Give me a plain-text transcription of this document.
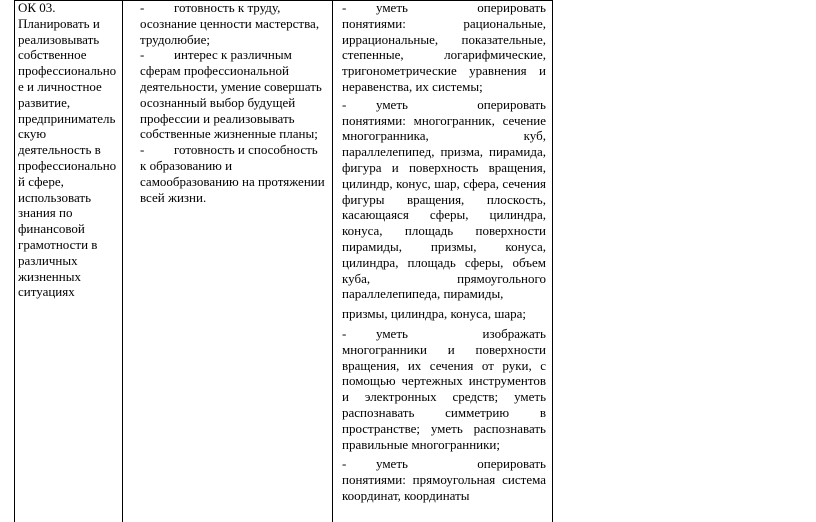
ОК 03.
Планировать и реализовывать собственное профессионально е и личностное развитие, предприниматель скую деятельность в профессионально й сфере, использовать знания по финансовой грамотности в различных жизненных ситуациях
- готовность к труду, осознание ценности мастерства, трудолюбие;
- интерес к различным сферам профессиональной деятельности, умение совершать осознанный выбор будущей профессии и реализовывать собственные жизненные планы;
- готовность и способность к образованию и самообразованию на протяжении всей жизни.
- уметь оперировать понятиями: рациональные, иррациональные, показательные, степенные, логарифмические, тригонометрические уравнения и неравенства, их системы;
- уметь оперировать понятиями: многогранник, сечение многогранника, куб, параллелепипед, призма, пирамида, фигура и поверхность вращения, цилиндр, конус, шар, сфера, сечения фигуры вращения, плоскость, касающаяся сферы, цилиндра, конуса, площадь поверхности пирамиды, призмы, конуса, цилиндра, площадь сферы, объем куба, прямоугольного параллелепипеда, пирамиды,
призмы, цилиндра, конуса, шара;
- уметь изображать многогранники и поверхности вращения, их сечения от руки, с помощью чертежных инструментов и электронных средств; уметь распознавать симметрию в пространстве; уметь распознавать правильные многогранники;
- уметь оперировать понятиями: прямоугольная система координат, координаты
